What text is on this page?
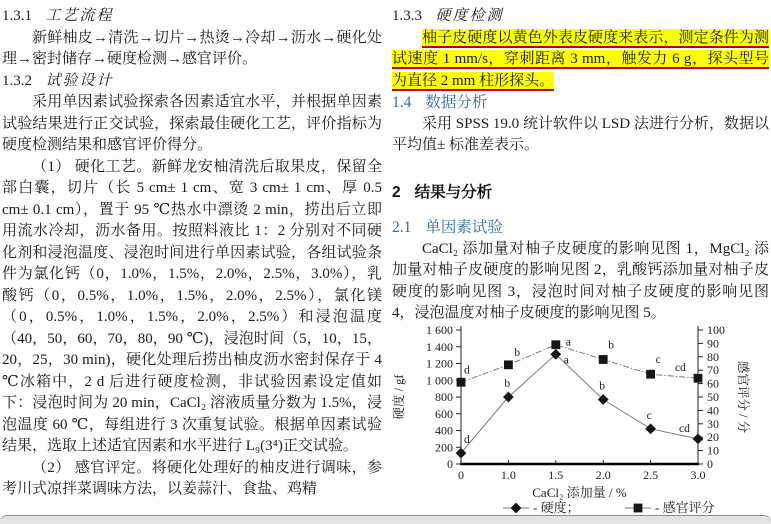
1.3.1 工艺流程

新鲜柚皮→清洗→切片→热烫→冷却→沥水→硬化处理→密封储存→硬度检测→感官评价。

1.3.2 试验设计

采用单因素试验探索各因素适宜水平，并根据单因素试验结果进行正交试验，探索最佳硬化工艺，评价指标为硬度检测结果和感官评价得分。

（1） 硬化工艺。新鲜龙安柚清洗后取果皮，保留全部白囊，切片（长 5 cm± 1 cm、宽 3 cm± 1 cm、厚 0.5 cm± 0.1 cm），置于 95 ℃热水中漂烫 2 min，捞出后立即用流水冷却，沥水备用。按照料液比 1：2 分别对不同硬化剂和浸泡温度、浸泡时间进行单因素试验，各组试验条件为氯化钙（0，1.0%，1.5%，2.0%，2.5%，3.0%），乳酸钙（0，0.5%，1.0%，1.5%，2.0%，2.5%），氯化镁（0，0.5%，1.0%，1.5%，2.0%，2.5%）和浸泡温度（40，50，60，70，80，90 ℃)，浸泡时间（5，10，15，20，25，30 min)，硬化处理后捞出柚皮沥水密封保存于 4 ℃冰箱中，2 d 后进行硬度检测，非试验因素设定值如下：浸泡时间为 20 min，CaCl₂ 溶液质量分数为 1.5%，浸泡温度 60 ℃，每组进行 3 次重复试验。根据单因素试验结果，选取上述适宜因素和水平进行 L₉(3⁴)正交试验。

（2） 感官评定。将硬化处理好的柚皮进行调味，参考川式凉拌菜调味方法，以姜蒜汁、食盐、鸡精

1.3.3 硬度检测

柚子皮硬度以黄色外表皮硬度来表示，测定条件为测试速度 1 mm/s，穿刺距离 3 mm，触发力 6 g，探头型号为直径 2 mm 柱形探头。

1.4 数据分析

采用 SPSS 19.0 统计软件以 LSD 法进行分析，数据以平均值± 标准差表示。

2 结果与分析
2.1 单因素试验

CaCl₂ 添加量对柚子皮硬度的影响见图 1，MgCl₂ 添加量对柚子皮硬度的影响见图 2，乳酸钙添加量对柚子皮硬度的影响见图 3，浸泡时间对柚子皮硬度的影响见图 4，浸泡温度对柚子皮硬度的影响见图 5。

0
200
400
600
800
1 000
1 200
1 400
1 600
0
10
20
30
40
50
60
70
80
90
100
0	1.0	1.5	2.0	2.5	3.0
硬度 / gf	感官评分 / 分
CaCl₂ 添加量 / %
d
b
a
b
c
cd
d
b
a	b
c
cd
- 硬度；	- 感官评分
